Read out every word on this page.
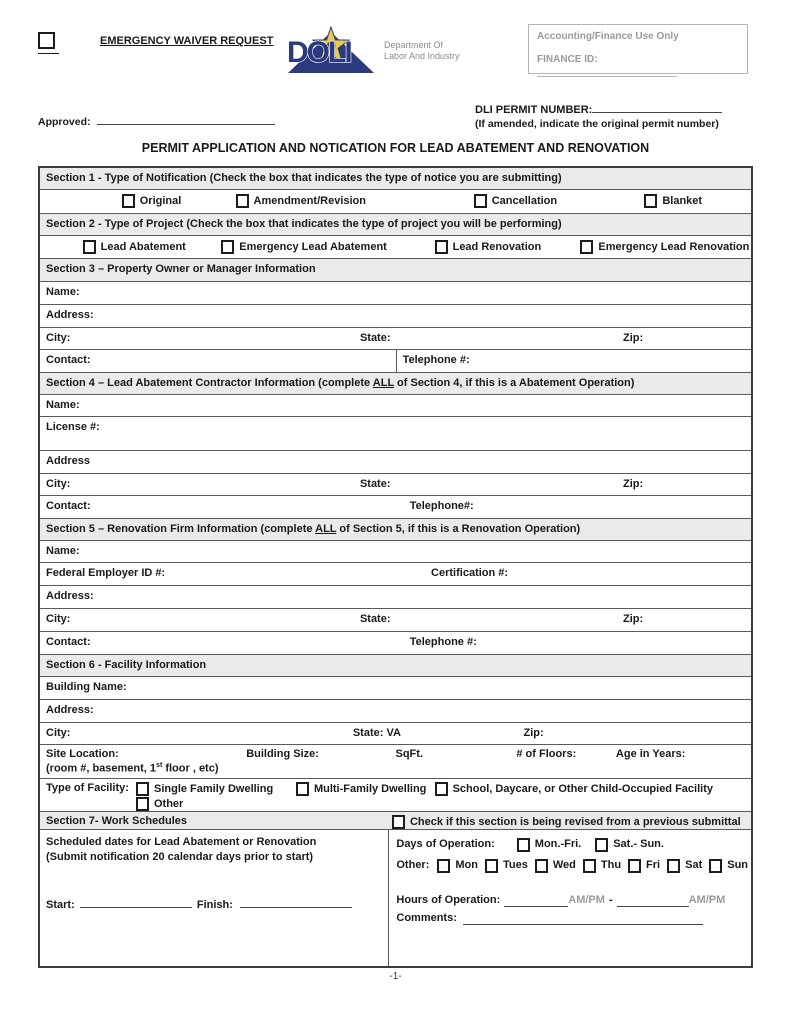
EMERGENCY WAIVER REQUEST DOLI	Department Of
Labor And Industry
Accounting/Finance Use Only
FINANCE ID:
Approved:
DLI PERMIT NUMBER:
(If amended, indicate the original permit number)
PERMIT APPLICATION AND NOTICATION FOR LEAD ABATEMENT AND RENOVATION
Section 1 - Type of Notification (Check the box that indicates the type of notice you are submitting)
Original	Amendment/Revision	Cancellation	Blanket
Section 2 - Type of Project (Check the box that indicates the type of project you will be performing)
Lead Abatement	Emergency Lead Abatement	Lead Renovation	Emergency Lead Renovation
Section 3 – Property Owner or Manager Information
Name:
Address:
City:	State:	Zip:
Contact:	Telephone #:
Section 4 – Lead Abatement Contractor Information (complete ALL of Section 4, if this is a Abatement Operation)
Name:
License #:
Address
City:	State:	Zip:
Contact:	Telephone#:
Section 5 – Renovation Firm Information (complete ALL of Section 5, if this is a Renovation Operation)
Name:
Federal Employer ID #:	Certification #:
Address:
City:	State:	Zip:
Contact:	Telephone #:
Section 6 - Facility Information
Building Name:
Address:
City:	State: VA	Zip:
Site Location:	Building Size:	SqFt.	# of Floors:	Age in Years:
(room #, basement, 1st floor , etc)
Type of Facility: Single Family Dwelling	Multi-Family Dwelling School, Daycare, or Other Child-Occupied Facility
Other
Section 7- Work Schedules	Check if this section is being revised from a previous submittal
Scheduled dates for Lead Abatement or Renovation (Submit notification 20 calendar days prior to start)
Start:	Finish:
Days of Operation:	Mon.-Fri.	Sat.- Sun.
Other: Mon Tues Wed Thu Fri Sat Sun
Hours of Operation:	AM/PM -	AM/PM
Comments:
-1-
